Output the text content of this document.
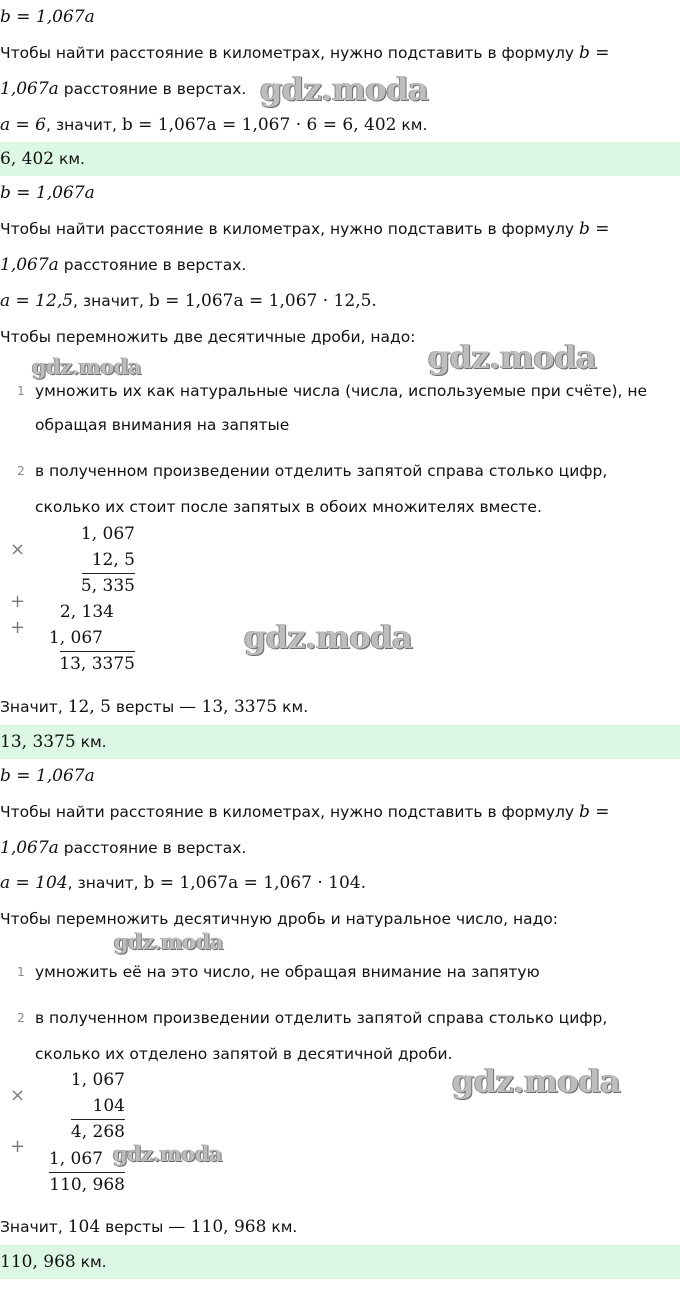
b = 1,067a
Чтобы найти расстояние в километрах, нужно подставить в формулу b =
1,067a расстояние в верстах.
a = 6, значит, b = 1,067a = 1,067 · 6 = 6, 402 км.
6, 402 км.
b = 1,067a
Чтобы найти расстояние в километрах, нужно подставить в формулу b =
1,067a расстояние в верстах.
a = 12,5, значит, b = 1,067a = 1,067 · 12,5.
Чтобы перемножить две десятичные дроби, надо:
1 умножить их как натуральные числа (числа, используемые при счёте), не
обращая внимания на запятые
2 в полученном произведении отделить запятой справа столько цифр,
сколько их стоит после запятых в обоих множителях вместе.
×
1, 067
12, 5
5, 335
+ 2, 134
+ 1, 067
13, 3375
Значит, 12, 5 версты — 13, 3375 км.
13, 3375 км.
b = 1,067a
Чтобы найти расстояние в километрах, нужно подставить в формулу b =
1,067a расстояние в верстах.
a = 104, значит, b = 1,067a = 1,067 · 104.
Чтобы перемножить десятичную дробь и натуральное число, надо:
1 умножить её на это число, не обращая внимание на запятую
2 в полученном произведении отделить запятой справа столько цифр,
сколько их отделено запятой в десятичной дроби.
×
1, 067
104
4, 268
+
1, 067
110, 968
Значит, 104 версты — 110, 968 км.
110, 968 км.
gdz.moda
gdz.moda
gdz.moda
gdz.moda
gdz.moda
gdz.moda
gdz.moda
